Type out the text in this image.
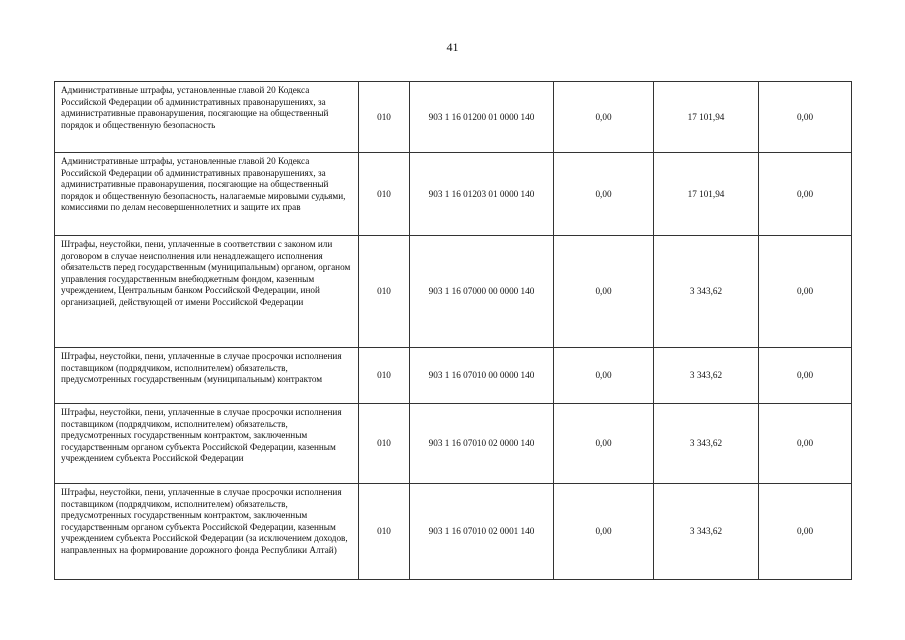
41
Административные штрафы, установленные главой 20 Кодекса Российской Федерации об административных правонарушениях, за административные правонарушения, посягающие на общественный порядок и общественную безопасность	010	903 1 16 01200 01 0000 140	0,00	17 101,94	0,00
Административные штрафы, установленные главой 20 Кодекса Российской Федерации об административных правонарушениях, за административные правонарушения, посягающие на общественный порядок и общественную безопасность, налагаемые мировыми судьями, комиссиями по делам несовершеннолетних и защите их прав	010	903 1 16 01203 01 0000 140	0,00	17 101,94	0,00
Штрафы, неустойки, пени, уплаченные в соответствии с законом или договором в случае неисполнения или ненадлежащего исполнения обязательств перед государственным (муниципальным) органом, органом управления государственным внебюджетным фондом, казенным учреждением, Центральным банком Российской Федерации, иной организацией, действующей от имени Российской Федерации	010	903 1 16 07000 00 0000 140	0,00	3 343,62	0,00
Штрафы, неустойки, пени, уплаченные в случае просрочки исполнения поставщиком (подрядчиком, исполнителем) обязательств, предусмотренных государственным (муниципальным) контрактом	010	903 1 16 07010 00 0000 140	0,00	3 343,62	0,00
Штрафы, неустойки, пени, уплаченные в случае просрочки исполнения поставщиком (подрядчиком, исполнителем) обязательств, предусмотренных государственным контрактом, заключенным государственным органом субъекта Российской Федерации, казенным учреждением субъекта Российской Федерации	010	903 1 16 07010 02 0000 140	0,00	3 343,62	0,00
Штрафы, неустойки, пени, уплаченные в случае просрочки исполнения поставщиком (подрядчиком, исполнителем) обязательств, предусмотренных государственным контрактом, заключенным государственным органом субъекта Российской Федерации, казенным учреждением субъекта Российской Федерации (за исключением доходов, направленных на формирование дорожного фонда Республики Алтай)	010	903 1 16 07010 02 0001 140	0,00	3 343,62	0,00
